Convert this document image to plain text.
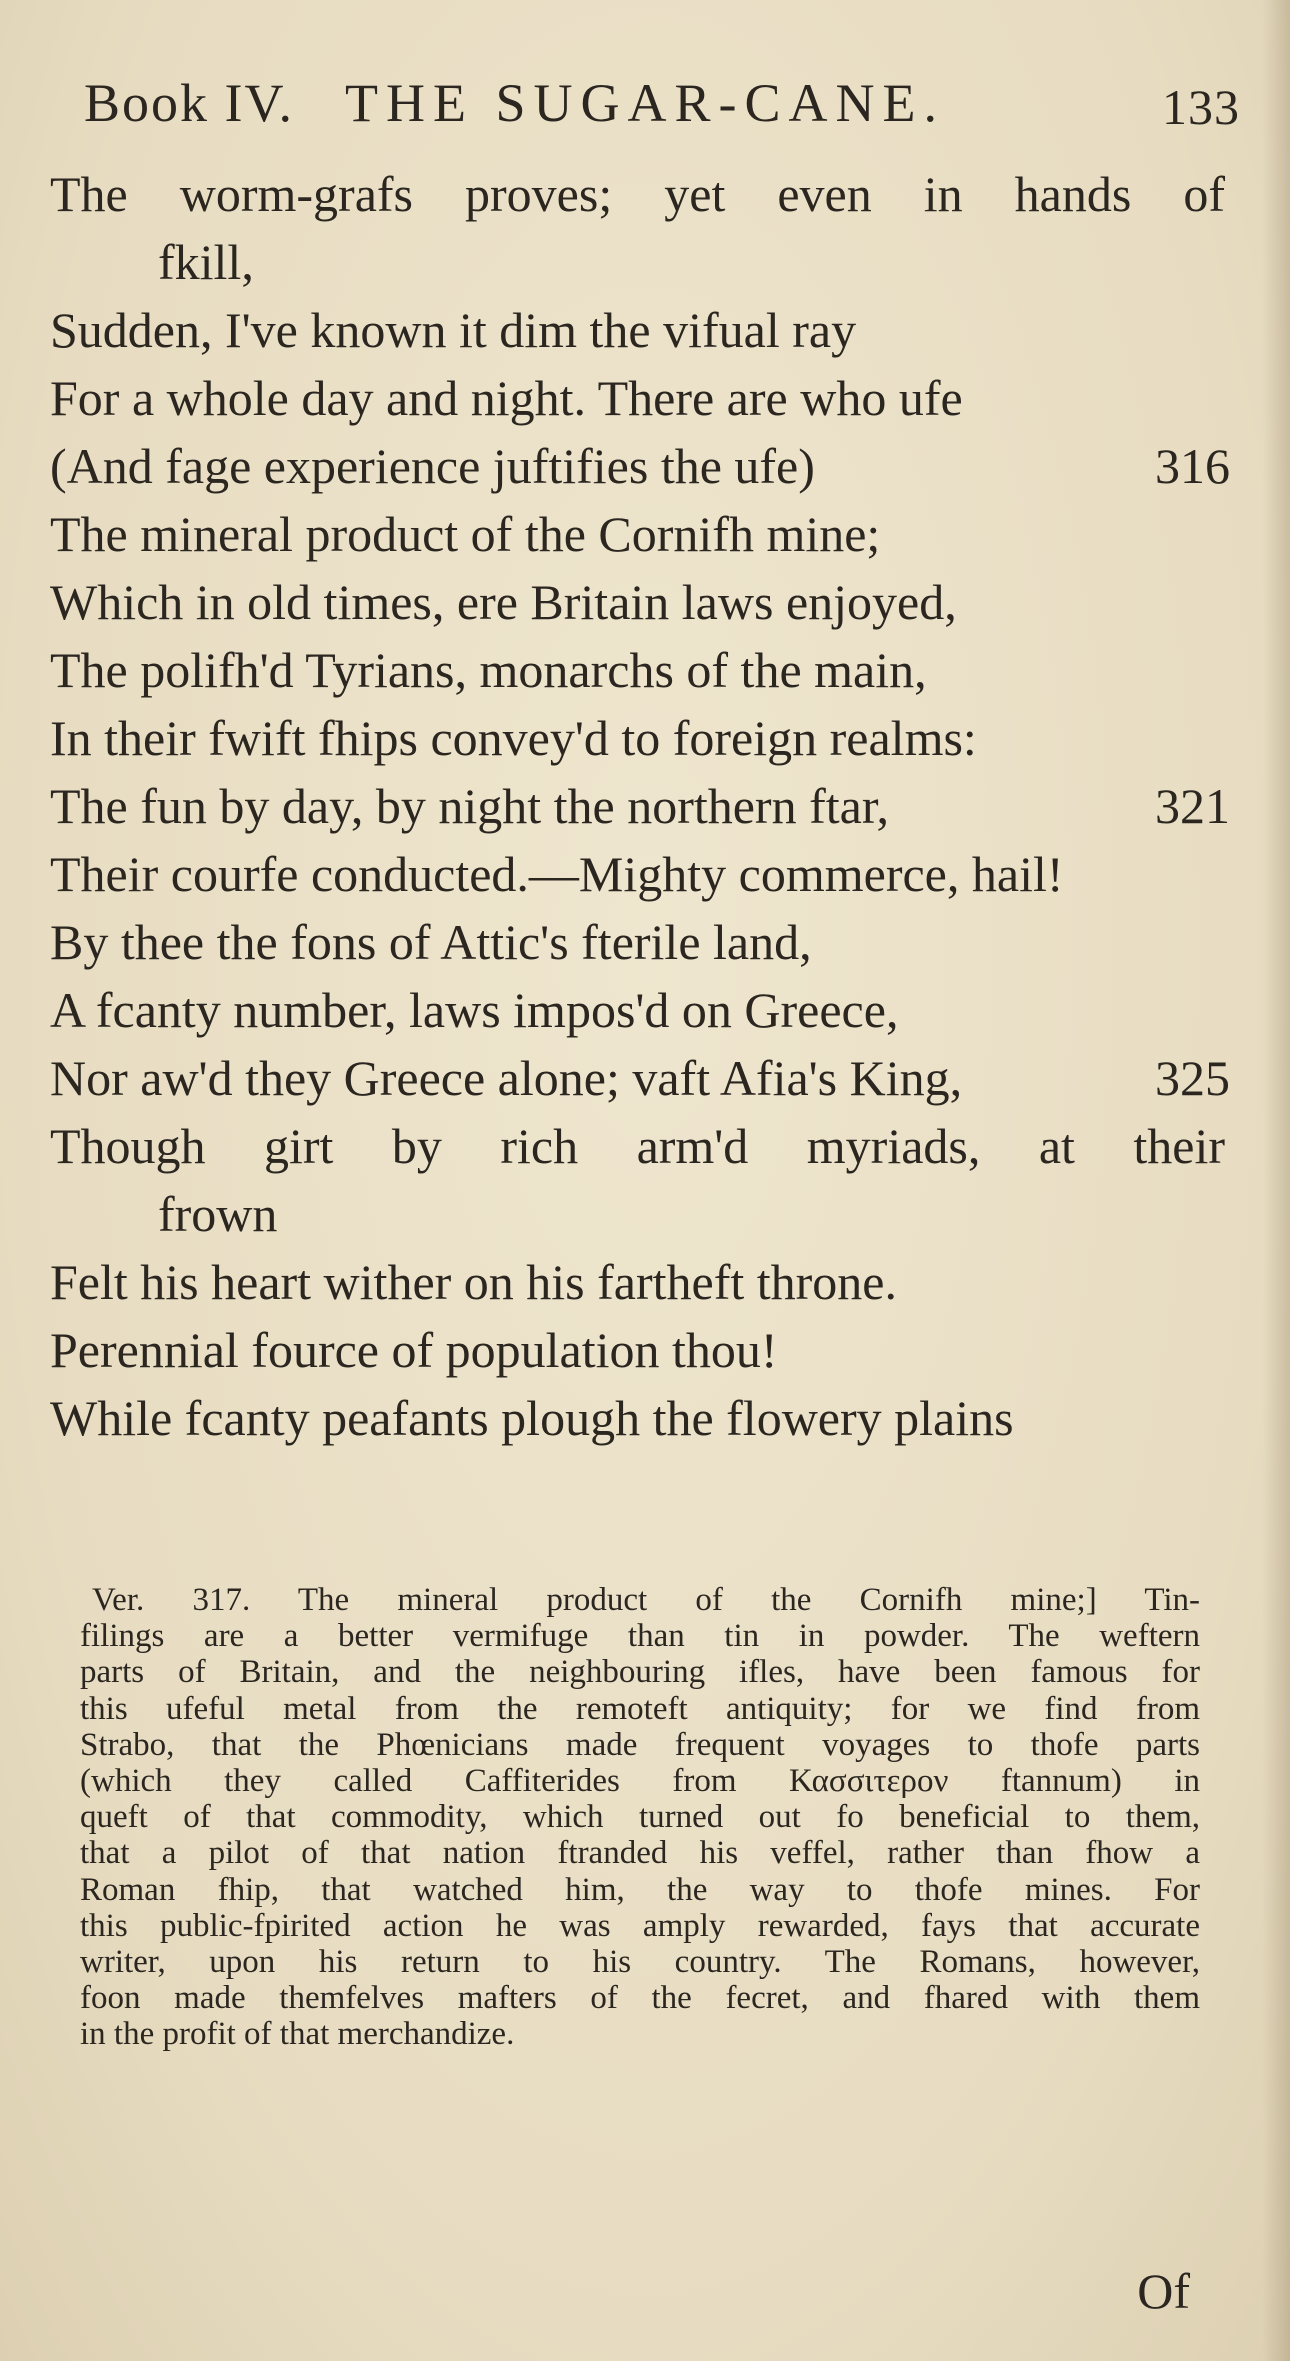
Book IV. THE SUGAR-CANE.	133
The worm-grafs proves; yet even in hands of
fkill,
Sudden, I've known it dim the vifual ray
For a whole day and night. There are who ufe
(And fage experience juftifies the ufe)	316
The mineral product of the Cornifh mine;
Which in old times, ere Britain laws enjoyed,
The polifh'd Tyrians, monarchs of the main,
In their fwift fhips convey'd to foreign realms:
The fun by day, by night the northern ftar,	321
Their courfe conducted.—Mighty commerce, hail!
By thee the fons of Attic's fterile land,
A fcanty number, laws impos'd on Greece,
Nor aw'd they Greece alone; vaft Afia's King,	325
Though girt by rich arm'd myriads, at their
frown
Felt his heart wither on his fartheft throne.
Perennial fource of population thou!
While fcanty peafants plough the flowery plains
Ver. 317. The mineral product of the Cornifh mine;] Tin-
filings are a better vermifuge than tin in powder. The weftern
parts of Britain, and the neighbouring ifles, have been famous for
this ufeful metal from the remoteft antiquity; for we find from
Strabo, that the Phœnicians made frequent voyages to thofe parts
(which they called Caffiterides from Κασσιτερον ftannum) in
queft of that commodity, which turned out fo beneficial to them,
that a pilot of that nation ftranded his veffel, rather than fhow a
Roman fhip, that watched him, the way to thofe mines. For
this public-fpirited action he was amply rewarded, fays that accurate
writer, upon his return to his country. The Romans, however,
foon made themfelves mafters of the fecret, and fhared with them
in the profit of that merchandize.
Of
